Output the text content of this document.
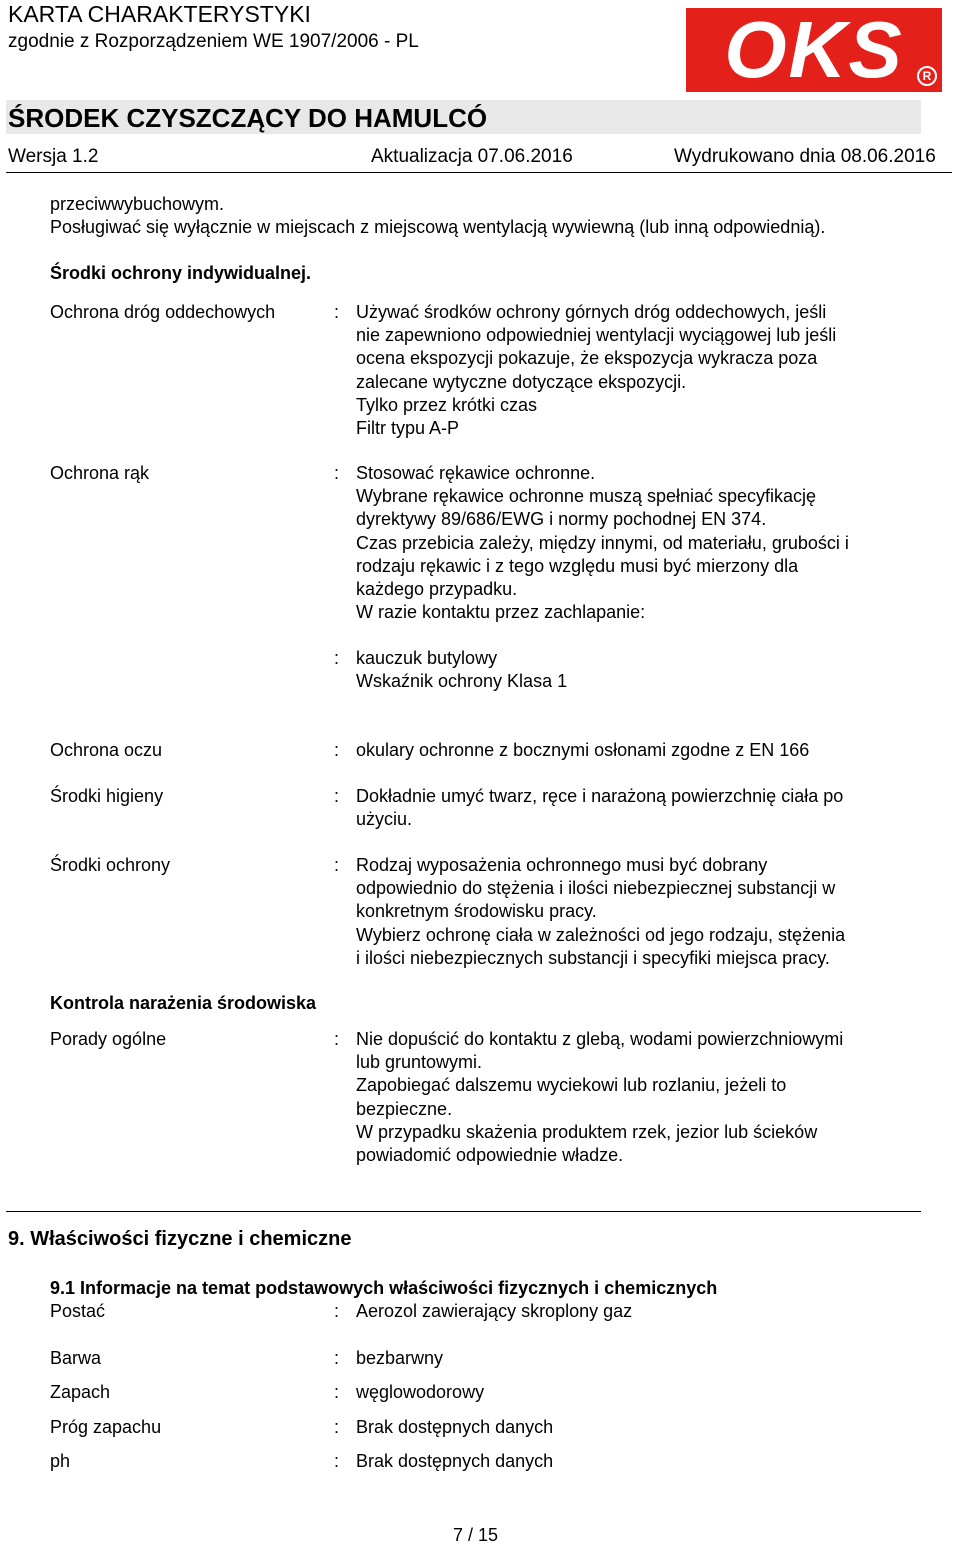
KARTA CHARAKTERYSTYKI
zgodnie z Rozporządzeniem WE 1907/2006 - PL	OKS	R
ŚRODEK CZYSZCZĄCY DO HAMULCÓ
Wersja 1.2	Aktualizacja 07.06.2016	Wydrukowano dnia 08.06.2016
przeciwwybuchowym.
Posługiwać się wyłącznie w miejscach z miejscową wentylacją wywiewną (lub inną odpowiednią).
Środki ochrony indywidualnej.
Ochrona dróg oddechowych	: Używać środków ochrony górnych dróg oddechowych, jeśli
nie zapewniono odpowiedniej wentylacji wyciągowej lub jeśli
ocena ekspozycji pokazuje, że ekspozycja wykracza poza
zalecane wytyczne dotyczące ekspozycji.
Tylko przez krótki czas
Filtr typu A-P
Ochrona rąk	: Stosować rękawice ochronne.
Wybrane rękawice ochronne muszą spełniać specyfikację
dyrektywy 89/686/EWG i normy pochodnej EN 374.
Czas przebicia zależy, między innymi, od materiału, grubości i
rodzaju rękawic i z tego względu musi być mierzony dla
każdego przypadku.
W razie kontaktu przez zachlapanie:
: kauczuk butylowy
Wskaźnik ochrony Klasa 1
Ochrona oczu	: okulary ochronne z bocznymi osłonami zgodne z EN 166
Środki higieny	: Dokładnie umyć twarz, ręce i narażoną powierzchnię ciała po
użyciu.
Środki ochrony	: Rodzaj wyposażenia ochronnego musi być dobrany
odpowiednio do stężenia i ilości niebezpiecznej substancji w
konkretnym środowisku pracy.
Wybierz ochronę ciała w zależności od jego rodzaju, stężenia
i ilości niebezpiecznych substancji i specyfiki miejsca pracy.
Kontrola narażenia środowiska
Porady ogólne	: Nie dopuścić do kontaktu z glebą, wodami powierzchniowymi
lub gruntowymi.
Zapobiegać dalszemu wyciekowi lub rozlaniu, jeżeli to
bezpieczne.
W przypadku skażenia produktem rzek, jezior lub ścieków
powiadomić odpowiednie władze.
9. Właściwości fizyczne i chemiczne
9.1 Informacje na temat podstawowych właściwości fizycznych i chemicznych
Postać	: Aerozol zawierający skroplony gaz
Barwa	: bezbarwny
Zapach	: węglowodorowy
Próg zapachu	: Brak dostępnych danych
ph	: Brak dostępnych danych
7 / 15
